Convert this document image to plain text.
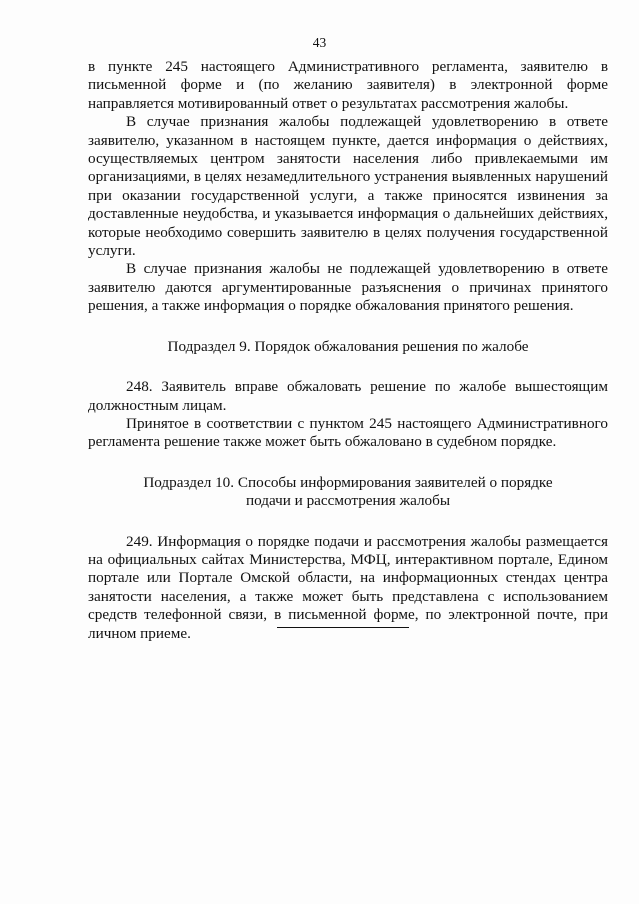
43

в пункте 245 настоящего Административного регламента, заявителю в письменной форме и (по желанию заявителя) в электронной форме направляется мотивированный ответ о результатах рассмотрения жалобы.

В случае признания жалобы подлежащей удовлетворению в ответе заявителю, указанном в настоящем пункте, дается информация о действиях, осуществляемых центром занятости населения либо привлекаемыми им организациями, в целях незамедлительного устранения выявленных нарушений при оказании государственной услуги, а также приносятся извинения за доставленные неудобства, и указывается информация о дальнейших действиях, которые необходимо совершить заявителю в целях получения государственной услуги.

В случае признания жалобы не подлежащей удовлетворению в ответе заявителю даются аргументированные разъяснения о причинах принятого решения, а также информация о порядке обжалования принятого решения.

Подраздел 9. Порядок обжалования решения по жалобе

248. Заявитель вправе обжаловать решение по жалобе вышестоящим должностным лицам.

Принятое в соответствии с пунктом 245 настоящего Административного регламента решение также может быть обжаловано в судебном порядке.

Подраздел 10. Способы информирования заявителей о порядке
подачи и рассмотрения жалобы

249. Информация о порядке подачи и рассмотрения жалобы размещается на официальных сайтах Министерства, МФЦ, интерактивном портале, Едином портале или Портале Омской области, на информационных стендах центра занятости населения, а также может быть представлена с использованием средств телефонной связи, в письменной форме, по электронной почте, при личном приеме.
